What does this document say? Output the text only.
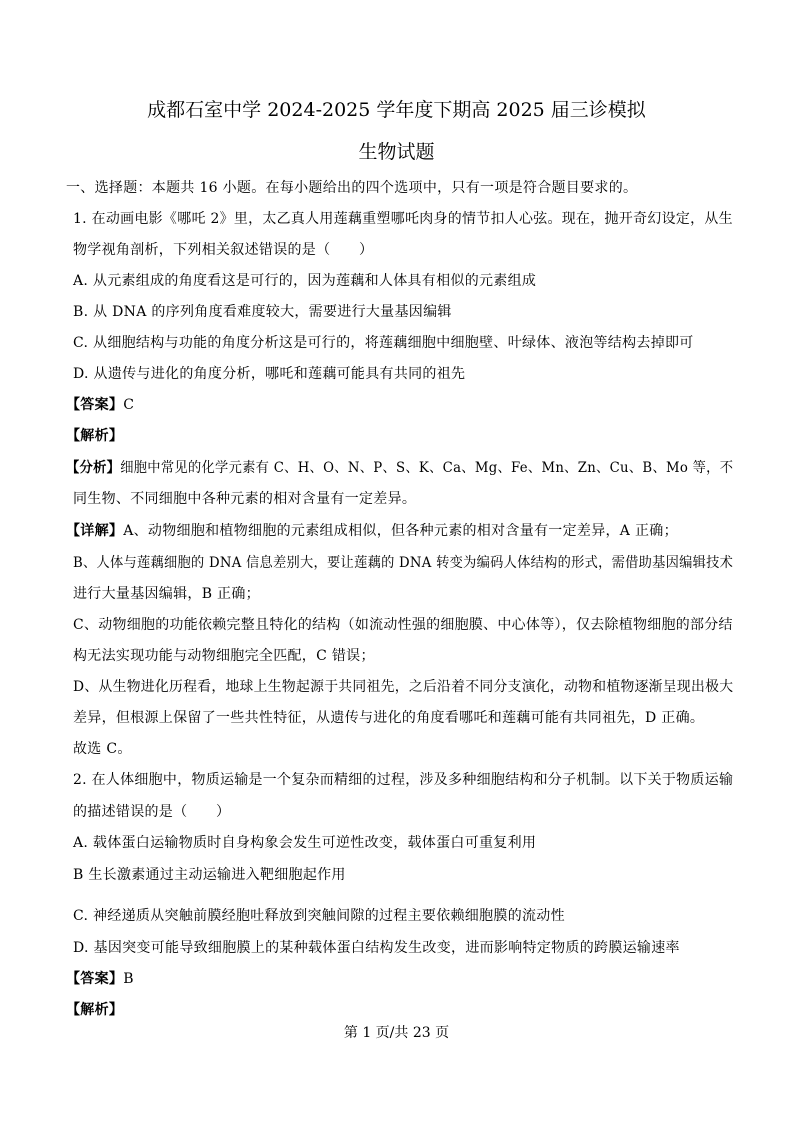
成都石室中学 2024-2025 学年度下期高 2025 届三诊模拟
生物试题
一、选择题：本题共 16 小题。在每小题给出的四个选项中，只有一项是符合题目要求的。
1. 在动画电影《哪吒 2》里，太乙真人用莲藕重塑哪吒肉身的情节扣人心弦。现在，抛开奇幻设定，从生
物学视角剖析，下列相关叙述错误的是（　　）
A. 从元素组成的角度看这是可行的，因为莲藕和人体具有相似的元素组成
B. 从 DNA 的序列角度看难度较大，需要进行大量基因编辑
C. 从细胞结构与功能的角度分析这是可行的，将莲藕细胞中细胞壁、叶绿体、液泡等结构去掉即可
D. 从遗传与进化的角度分析，哪吒和莲藕可能具有共同的祖先
【答案】C
【解析】
【分析】细胞中常见的化学元素有 C、H、O、N、P、S、K、Ca、Mg、Fe、Mn、Zn、Cu、B、Mo 等，不
同生物、不同细胞中各种元素的相对含量有一定差异。
【详解】A、动物细胞和植物细胞的元素组成相似，但各种元素的相对含量有一定差异，A 正确；
B、人体与莲藕细胞的 DNA 信息差别大，要让莲藕的 DNA 转变为编码人体结构的形式，需借助基因编辑技术
进行大量基因编辑，B 正确；
C、动物细胞的功能依赖完整且特化的结构（如流动性强的细胞膜、中心体等），仅去除植物细胞的部分结
构无法实现功能与动物细胞完全匹配，C 错误；
D、从生物进化历程看，地球上生物起源于共同祖先，之后沿着不同分支演化，动物和植物逐渐呈现出极大
差异，但根源上保留了一些共性特征，从遗传与进化的角度看哪吒和莲藕可能有共同祖先，D 正确。
故选 C。
2. 在人体细胞中，物质运输是一个复杂而精细的过程，涉及多种细胞结构和分子机制。以下关于物质运输
的描述错误的是（　　）
A. 载体蛋白运输物质时自身构象会发生可逆性改变，载体蛋白可重复利用
B 生长激素通过主动运输进入靶细胞起作用
C. 神经递质从突触前膜经胞吐释放到突触间隙的过程主要依赖细胞膜的流动性
D. 基因突变可能导致细胞膜上的某种载体蛋白结构发生改变，进而影响特定物质的跨膜运输速率
【答案】B
【解析】
第 1 页/共 23 页
